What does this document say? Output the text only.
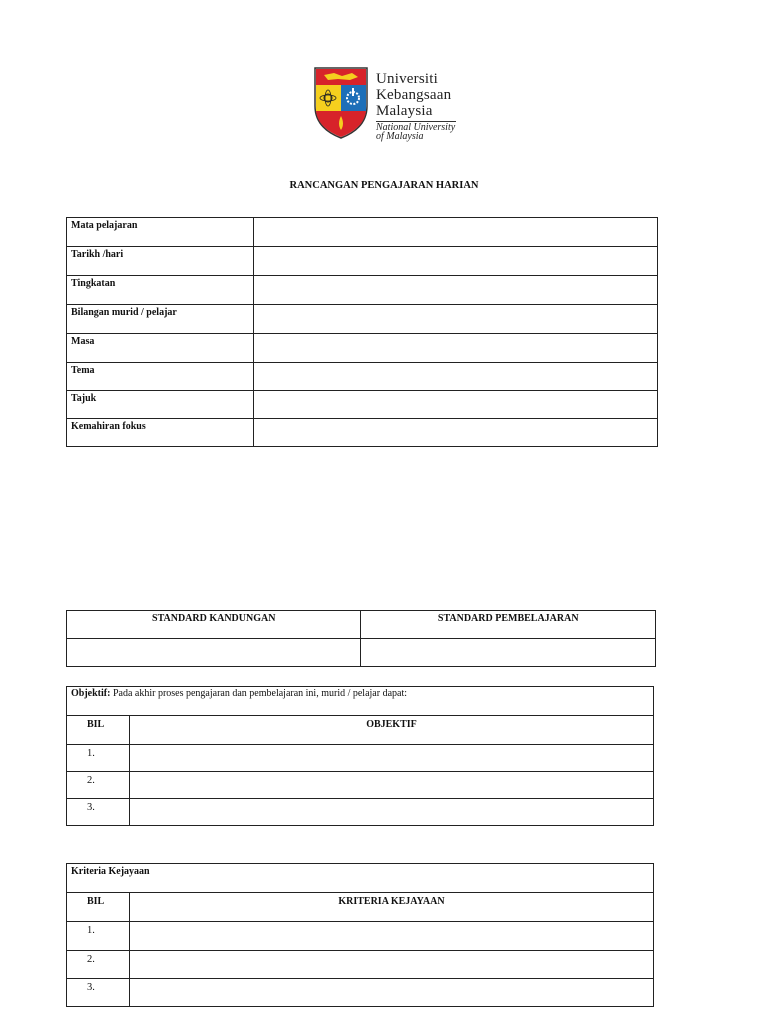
Universiti
Kebangsaan
Malaysia
National University
of Malaysia
RANCANGAN PENGAJARAN HARIAN
Mata pelajaran	
Tarikh /hari	
Tingkatan	
Bilangan murid / pelajar	
Masa	
Tema	
Tajuk	
Kemahiran fokus	
STANDARD KANDUNGAN	STANDARD PEMBELAJARAN

Objektif: Pada akhir proses pengajaran dan pembelajaran ini, murid / pelajar dapat:	
BIL	OBJEKTIF
1.	
2.	
3.	
Kriteria Kejayaan	
BIL	KRITERIA KEJAYAAN
1.	
2.	
3.	
